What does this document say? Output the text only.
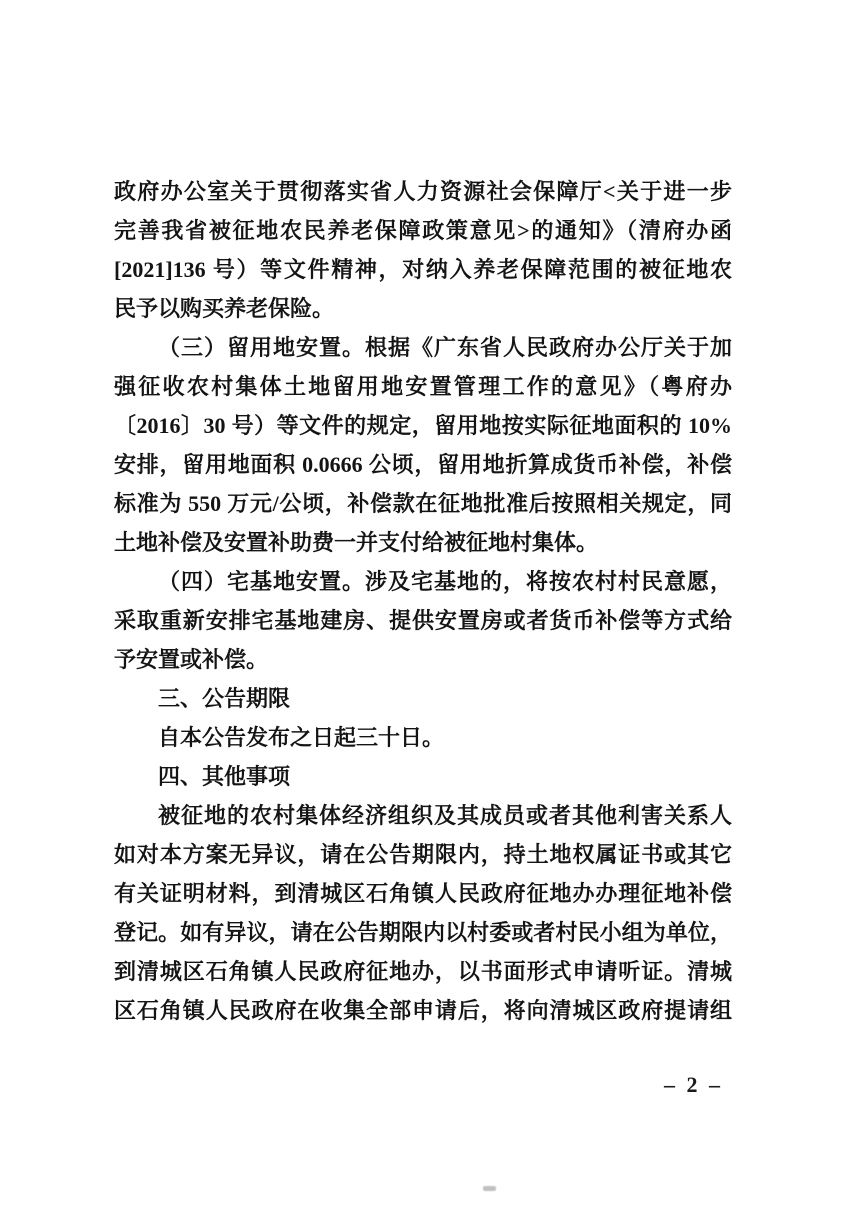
政府办公室关于贯彻落实省人力资源社会保障厅<关于进一步
完善我省被征地农民养老保障政策意见>的通知》（清府办函
[2021]136 号）等文件精神，对纳入养老保障范围的被征地农
民予以购买养老保险。
（三）留用地安置。根据《广东省人民政府办公厅关于加
强征收农村集体土地留用地安置管理工作的意见》（粤府办
〔2016〕30 号）等文件的规定，留用地按实际征地面积的 10%
安排，留用地面积 0.0666 公顷，留用地折算成货币补偿，补偿
标准为 550 万元/公顷，补偿款在征地批准后按照相关规定，同
土地补偿及安置补助费一并支付给被征地村集体。
（四）宅基地安置。涉及宅基地的，将按农村村民意愿，
采取重新安排宅基地建房、提供安置房或者货币补偿等方式给
予安置或补偿。
三、公告期限
自本公告发布之日起三十日。
四、其他事项
被征地的农村集体经济组织及其成员或者其他利害关系人
如对本方案无异议，请在公告期限内，持土地权属证书或其它
有关证明材料，到清城区石角镇人民政府征地办办理征地补偿
登记。如有异议，请在公告期限内以村委或者村民小组为单位，
到清城区石角镇人民政府征地办，以书面形式申请听证。清城
区石角镇人民政府在收集全部申请后，将向清城区政府提请组
– 2 –
